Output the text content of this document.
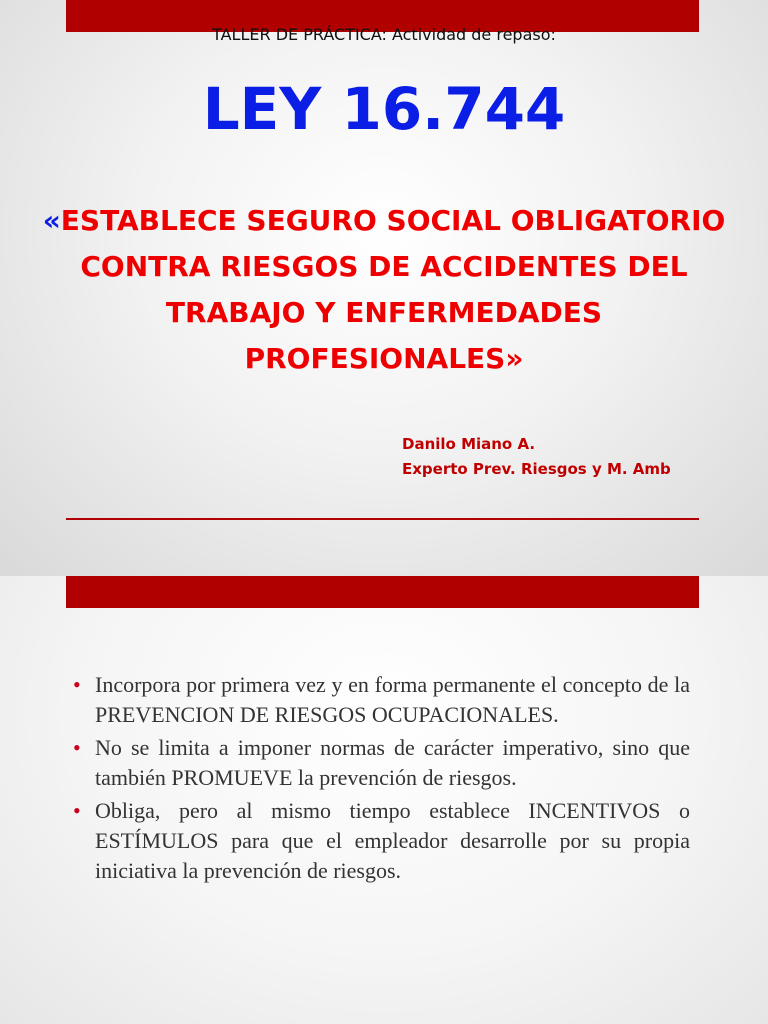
TALLER DE PRÁCTICA: Actividad de repaso:
LEY 16.744
«ESTABLECE SEGURO SOCIAL OBLIGATORIO
CONTRA RIESGOS DE ACCIDENTES DEL
TRABAJO Y ENFERMEDADES
PROFESIONALES»
Danilo Miano A.
Experto Prev. Riesgos y M. Amb
• Incorpora por primera vez y en forma permanente el concepto de la PREVENCION DE RIESGOS OCUPACIONALES.
• No se limita a imponer normas de carácter imperativo, sino que también PROMUEVE la prevención de riesgos.
• Obliga, pero al mismo tiempo establece INCENTIVOS o ESTÍMULOS para que el empleador desarrolle por su propia iniciativa la prevención de riesgos.
